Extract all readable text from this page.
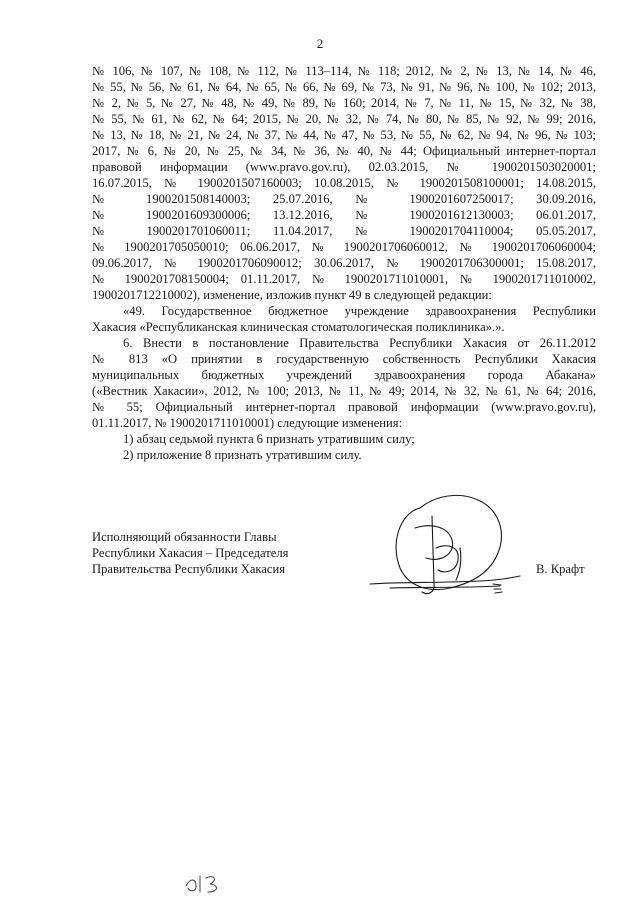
2

№ 106, № 107, № 108, № 112, № 113–114, № 118; 2012, № 2, № 13, № 14, № 46,

№ 55, № 56, № 61, № 64, № 65, № 66, № 69, № 73, № 91, № 96, № 100, № 102; 2013,

№ 2, № 5, № 27, № 48, № 49, № 89, № 160; 2014, № 7, № 11, № 15, № 32, № 38,

№ 55, № 61, № 62, № 64; 2015, № 20, № 32, № 74, № 80, № 85, № 92, № 99; 2016,

№ 13, № 18, № 21, № 24, № 37, № 44, № 47, № 53, № 55, № 62, № 94, № 96, № 103;

2017, № 6, № 20, № 25, № 34, № 36, № 40, № 44; Официальный интернет-портал

правовой информации (www.pravo.gov.ru), 02.03.2015, № 1900201503020001;

16.07.2015, № 1900201507160003; 10.08.2015, № 1900201508100001; 14.08.2015,

№ 1900201508140003; 25.07.2016, № 1900201607250017; 30.09.2016,

№ 1900201609300006; 13.12.2016, № 1900201612130003; 06.01.2017,

№ 1900201701060011; 11.04.2017, № 1900201704110004; 05.05.2017,

№ 1900201705050010; 06.06.2017, № 1900201706060012, № 1900201706060004;

09.06.2017, № 1900201706090012; 30.06.2017, № 1900201706300001; 15.08.2017,

№ 1900201708150004; 01.11.2017, № 1900201711010001, № 1900201711010002,

1900201712210002), изменение, изложив пункт 49 в следующей редакции:

«49. Государственное бюджетное учреждение здравоохранения Республики

Хакасия «Республиканская клиническая стоматологическая поликлиника».».

6. Внести в постановление Правительства Республики Хакасия от 26.11.2012

№ 813 «О принятии в государственную собственность Республики Хакасия

муниципальных бюджетных учреждений здравоохранения города Абакана»

(«Вестник Хакасии», 2012, № 100; 2013, № 11, № 49; 2014, № 32, № 61, № 64; 2016,

№ 55; Официальный интернет-портал правовой информации (www.pravo.gov.ru),

01.11.2017, № 1900201711010001) следующие изменения:

1) абзац седьмой пункта 6 признать утратившим силу;

2) приложение 8 признать утратившим силу.

Исполняющий обязанности Главы

Республики Хакасия – Председателя

Правительства Республики Хакасия	В. Крафт
